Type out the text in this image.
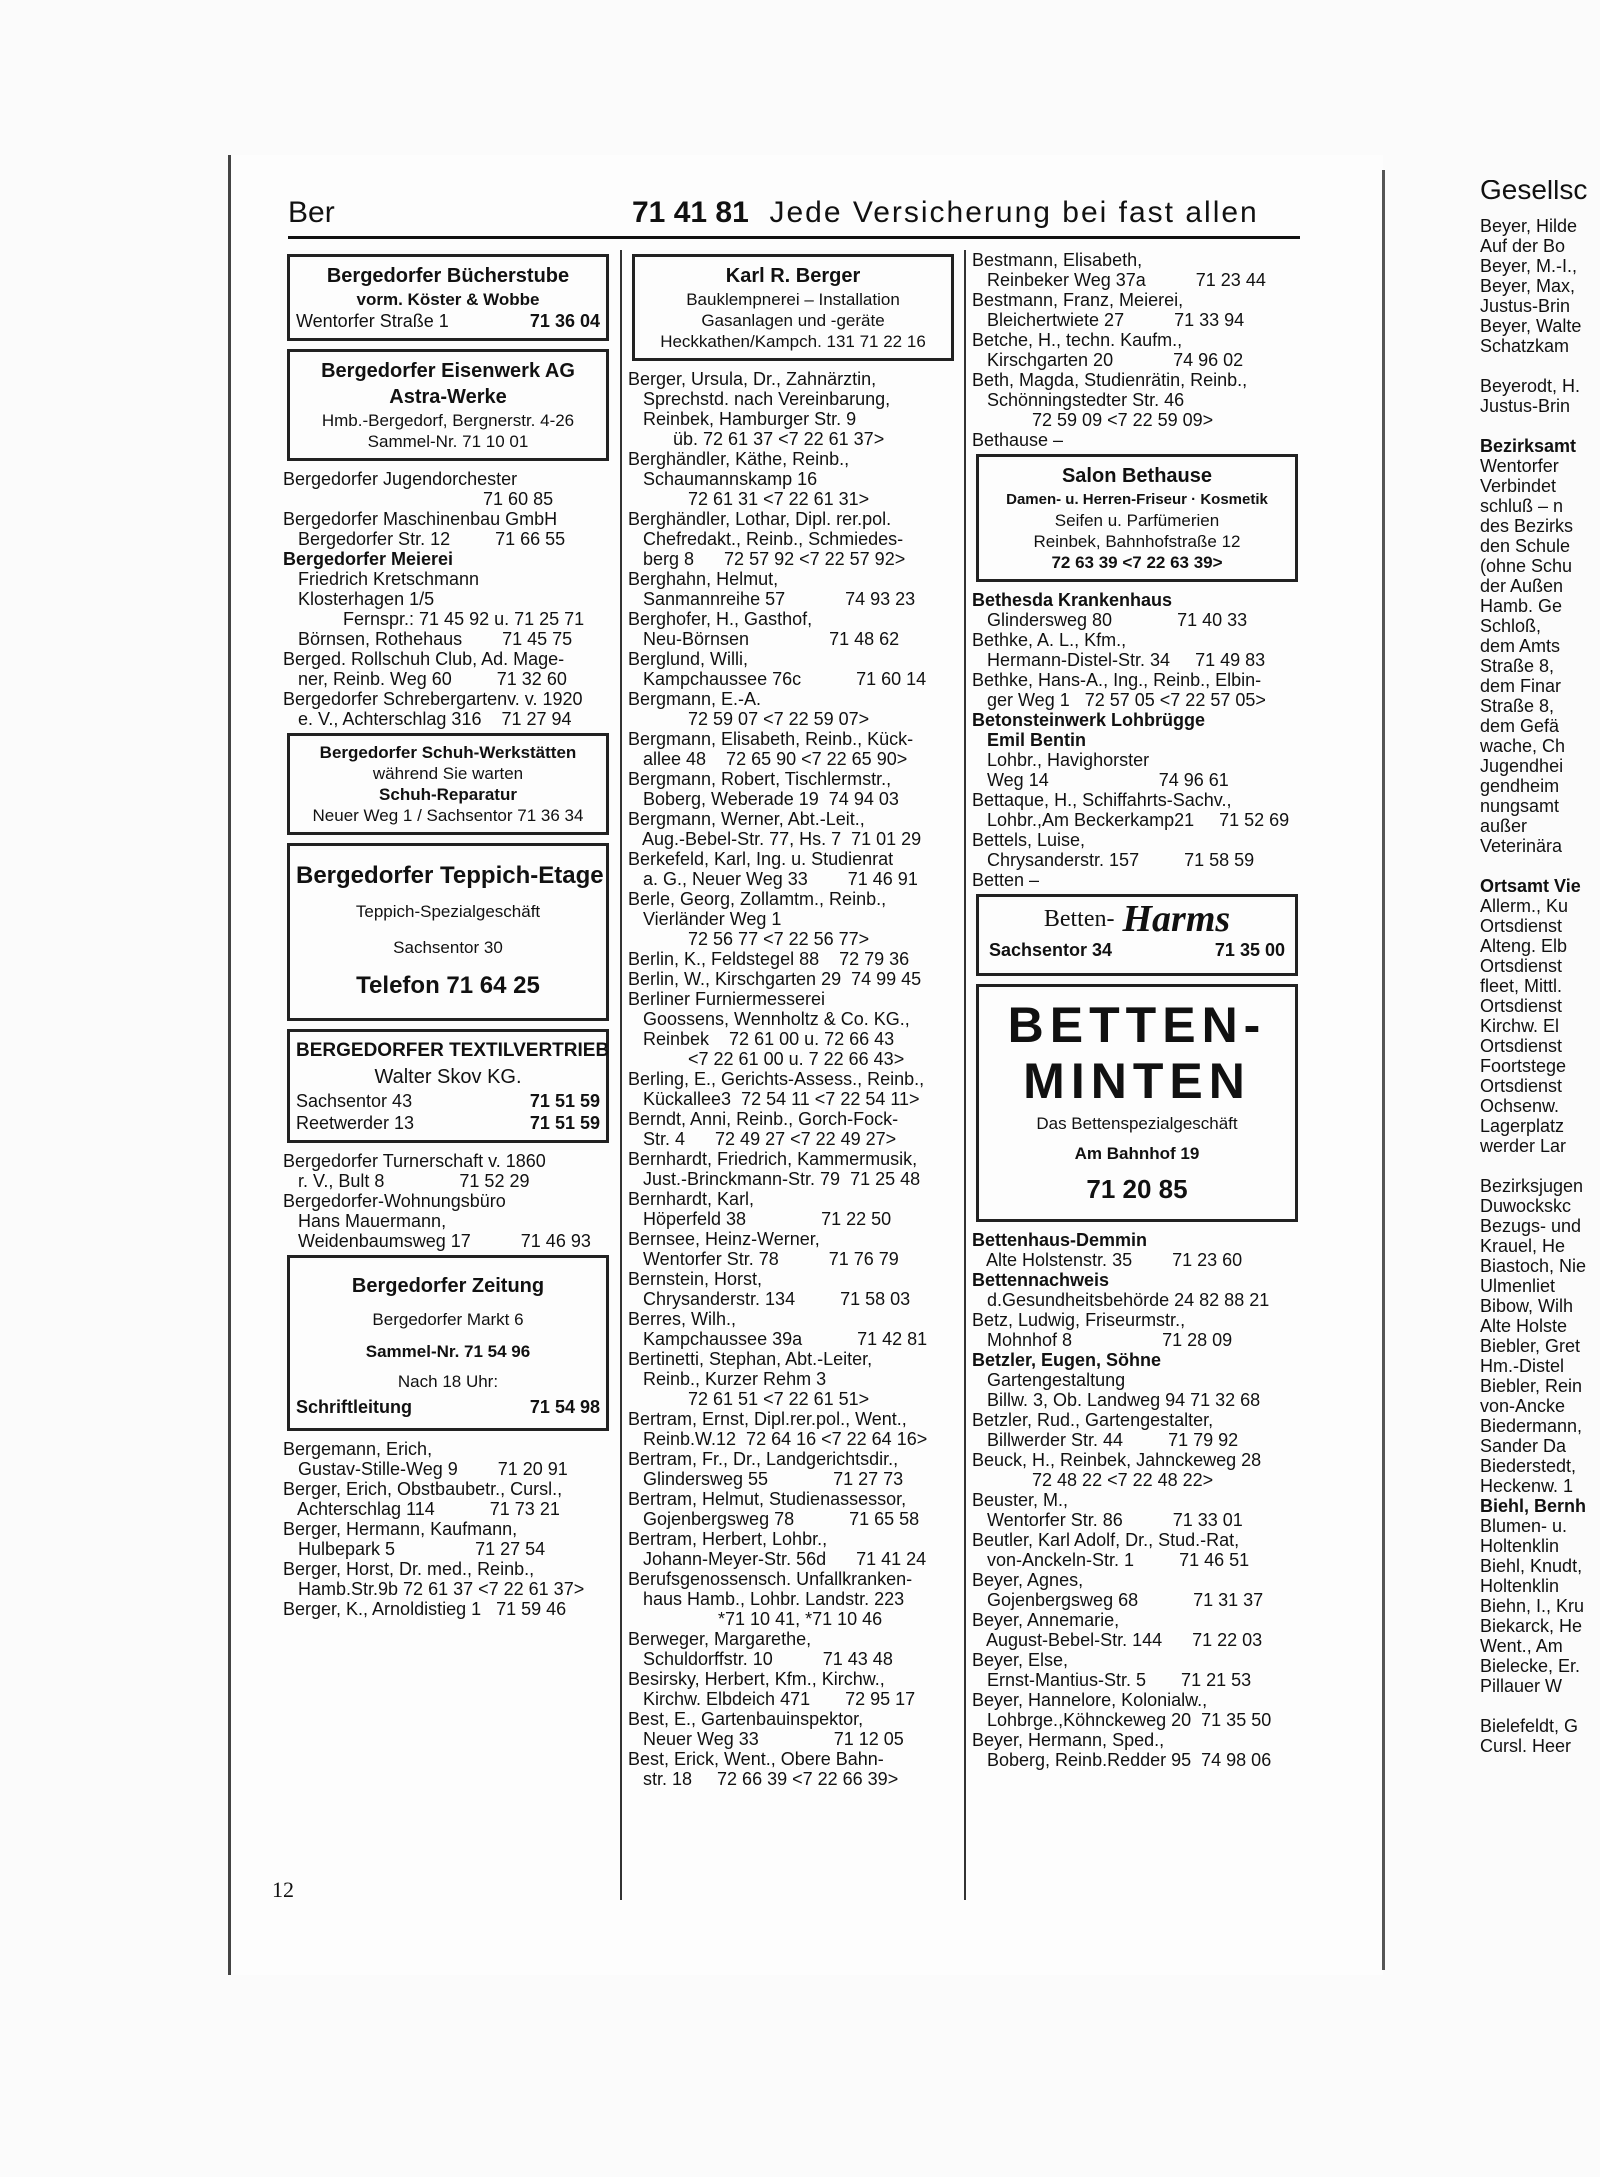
Ber	71 41 81 Jede Versicherung bei fast allen
Bergedorfer Bücherstube
vorm. Köster & Wobbe
Wentorfer Straße 1	71 36 04
Bergedorfer Eisenwerk AG
Astra-Werke
Hmb.-Bergedorf, Bergnerstr. 4-26
Sammel-Nr. 71 10 01
Bergedorfer Jugendorchester
71 60 85
Bergedorfer Maschinenbau GmbH
Bergedorfer Str. 12         71 66 55
Bergedorfer Meierei
Friedrich Kretschmann
Klosterhagen 1/5
Fernspr.: 71 45 92 u. 71 25 71
Börnsen, Rothehaus        71 45 75
Berged. Rollschuh Club, Ad. Mage-
ner, Reinb. Weg 60         71 32 60
Bergedorfer Schrebergartenv. v. 1920
e. V., Achterschlag 316    71 27 94
Bergedorfer Schuh-Werkstätten
während Sie warten
Schuh-Reparatur
Neuer Weg 1 / Sachsentor 71 36 34
Bergedorfer Teppich-Etage
Teppich-Spezialgeschäft
Sachsentor 30
Telefon 71 64 25
BERGEDORFER TEXTILVERTRIEB
Walter Skov KG.
Sachsentor 43	71 51 59
Reetwerder 13	71 51 59
Bergedorfer Turnerschaft v. 1860
r. V., Bult 8               71 52 29
Bergedorfer-Wohnungsbüro
Hans Mauermann,
Weidenbaumsweg 17          71 46 93
Bergedorfer Zeitung
Bergedorfer Markt 6
Sammel-Nr. 71 54 96
Nach 18 Uhr:
Schriftleitung	71 54 98
Bergemann, Erich,
Gustav-Stille-Weg 9        71 20 91
Berger, Erich, Obstbaubetr., Cursl.,
Achterschlag 114           71 73 21
Berger, Hermann, Kaufmann,
Hulbepark 5                71 27 54
Berger, Horst, Dr. med., Reinb.,
Hamb.Str.9b 72 61 37 <7 22 61 37>
Berger, K., Arnoldistieg 1   71 59 46
Karl R. Berger
Bauklempnerei – Installation
Gasanlagen und -geräte
Heckkathen/Kampch. 131 71 22 16
Berger, Ursula, Dr., Zahnärztin,
Sprechstd. nach Vereinbarung,
Reinbek, Hamburger Str. 9
üb. 72 61 37 <7 22 61 37>
Berghändler, Käthe, Reinb.,
Schaumannskamp 16
72 61 31 <7 22 61 31>
Berghändler, Lothar, Dipl. rer.pol.
Chefredakt., Reinb., Schmiedes-
berg 8      72 57 92 <7 22 57 92>
Berghahn, Helmut,
Sanmannreihe 57            74 93 23
Berghofer, H., Gasthof,
Neu-Börnsen                71 48 62
Berglund, Willi,
Kampchaussee 76c           71 60 14
Bergmann, E.-A.
72 59 07 <7 22 59 07>
Bergmann, Elisabeth, Reinb., Kück-
allee 48    72 65 90 <7 22 65 90>
Bergmann, Robert, Tischlermstr.,
Boberg, Weberade 19  74 94 03
Bergmann, Werner, Abt.-Leit.,
Aug.-Bebel-Str. 77, Hs. 7  71 01 29
Berkefeld, Karl, Ing. u. Studienrat
a. G., Neuer Weg 33        71 46 91
Berle, Georg, Zollamtm., Reinb.,
Vierländer Weg 1
72 56 77 <7 22 56 77>
Berlin, K., Feldstegel 88    72 79 36
Berlin, W., Kirschgarten 29  74 99 45
Berliner Furniermesserei
Goossens, Wennholtz & Co. KG.,
Reinbek    72 61 00 u. 72 66 43
<7 22 61 00 u. 7 22 66 43>
Berling, E., Gerichts-Assess., Reinb.,
Kückallee3  72 54 11 <7 22 54 11>
Berndt, Anni, Reinb., Gorch-Fock-
Str. 4      72 49 27 <7 22 49 27>
Bernhardt, Friedrich, Kammermusik,
Just.-Brinckmann-Str. 79  71 25 48
Bernhardt, Karl,
Höperfeld 38               71 22 50
Bernsee, Heinz-Werner,
Wentorfer Str. 78          71 76 79
Bernstein, Horst,
Chrysanderstr. 134         71 58 03
Berres, Wilh.,
Kampchaussee 39a           71 42 81
Bertinetti, Stephan, Abt.-Leiter,
Reinb., Kurzer Rehm 3
72 61 51 <7 22 61 51>
Bertram, Ernst, Dipl.rer.pol., Went.,
Reinb.W.12  72 64 16 <7 22 64 16>
Bertram, Fr., Dr., Landgerichtsdir.,
Glindersweg 55             71 27 73
Bertram, Helmut, Studienassessor,
Gojenbergsweg 78           71 65 58
Bertram, Herbert, Lohbr.,
Johann-Meyer-Str. 56d      71 41 24
Berufsgenossensch. Unfallkranken-
haus Hamb., Lohbr. Landstr. 223
*71 10 41, *71 10 46
Berweger, Margarethe,
Schuldorffstr. 10          71 43 48
Besirsky, Herbert, Kfm., Kirchw.,
Kirchw. Elbdeich 471       72 95 17
Best, E., Gartenbauinspektor,
Neuer Weg 33               71 12 05
Best, Erick, Went., Obere Bahn-
str. 18     72 66 39 <7 22 66 39>
Bestmann, Elisabeth,
Reinbeker Weg 37a          71 23 44
Bestmann, Franz, Meierei,
Bleichertwiete 27          71 33 94
Betche, H., techn. Kaufm.,
Kirschgarten 20            74 96 02
Beth, Magda, Studienrätin, Reinb.,
Schönningstedter Str. 46
72 59 09 <7 22 59 09>
Bethause –
Salon Bethause
Damen- u. Herren-Friseur · Kosmetik
Seifen u. Parfümerien
Reinbek, Bahnhofstraße 12
72 63 39 <7 22 63 39>
Bethesda Krankenhaus
Glindersweg 80             71 40 33
Bethke, A. L., Kfm.,
Hermann-Distel-Str. 34     71 49 83
Bethke, Hans-A., Ing., Reinb., Elbin-
ger Weg 1   72 57 05 <7 22 57 05>
Betonsteinwerk Lohbrügge
Emil Bentin
Lohbr., Havighorster
Weg 14                      74 96 61
Bettaque, H., Schiffahrts-Sachv.,
Lohbr.,Am Beckerkamp21     71 52 69
Bettels, Luise,
Chrysanderstr. 157         71 58 59
Betten –
Betten- Harms
Sachsentor 34	71 35 00
BETTEN-
MINTEN
Das Bettenspezialgeschäft
Am Bahnhof 19
71 20 85
Bettenhaus-Demmin
Alte Holstenstr. 35        71 23 60
Bettennachweis
d.Gesundheitsbehörde 24 82 88 21
Betz, Ludwig, Friseurmstr.,
Mohnhof 8                  71 28 09
Betzler, Eugen, Söhne
Gartengestaltung
Billw. 3, Ob. Landweg 94 71 32 68
Betzler, Rud., Gartengestalter,
Billwerder Str. 44         71 79 92
Beuck, H., Reinbek, Jahnckeweg 28
72 48 22 <7 22 48 22>
Beuster, M.,
Wentorfer Str. 86          71 33 01
Beutler, Karl Adolf, Dr., Stud.-Rat,
von-Anckeln-Str. 1         71 46 51
Beyer, Agnes,
Gojenbergsweg 68           71 31 37
Beyer, Annemarie,
August-Bebel-Str. 144      71 22 03
Beyer, Else,
Ernst-Mantius-Str. 5       71 21 53
Beyer, Hannelore, Kolonialw.,
Lohbrge.,Köhnckeweg 20  71 35 50
Beyer, Hermann, Sped.,
Boberg, Reinb.Redder 95  74 98 06
12
Gesellsc
Beyer, Hilde
Auf der Bo
Beyer, M.-I.,
Beyer, Max,
Justus-Brin
Beyer, Walte
Schatzkam

Beyerodt, H.
Justus-Brin

Bezirksamt
Wentorfer
Verbindet
schluß – n
des Bezirks
den Schule
(ohne Schu
der Außen
Hamb. Ge
Schloß,
dem Amts
Straße 8,
dem Finar
Straße 8,
dem Gefä
wache, Ch
Jugendhei
gendheim
nungsamt
außer
Veterinära

Ortsamt Vie
Allerm., Ku
Ortsdienst
Alteng. Elb
Ortsdienst
fleet, Mittl.
Ortsdienst
Kirchw. El
Ortsdienst
Foortstege
Ortsdienst
Ochsenw.
Lagerplatz
werder Lar

Bezirksjugen
Duwockskc
Bezugs- und
Krauel, He
Biastoch, Nie
Ulmenliet
Bibow, Wilh
Alte Holste
Biebler, Gret
Hm.-Distel
Biebler, Rein
von-Ancke
Biedermann,
Sander Da
Biederstedt,
Heckenw. 1
Biehl, Bernh
Blumen- u.
Holtenklin
Biehl, Knudt,
Holtenklin
Biehn, I., Kru
Biekarck, He
Went., Am
Bielecke, Er.
Pillauer W

Bielefeldt, G
Cursl. Heer
